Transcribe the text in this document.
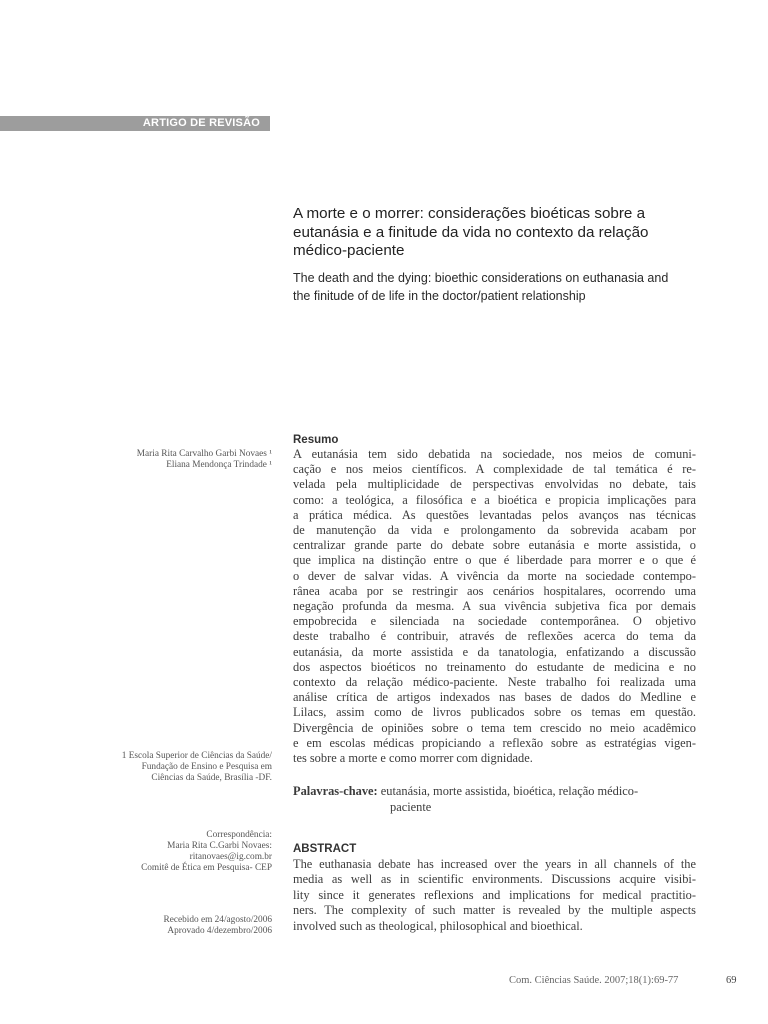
ARTIGO DE REVISÃO
A morte e o morrer: considerações bioéticas sobre a
eutanásia e a finitude da vida no contexto da relação
médico-paciente
The death and the dying: bioethic considerations on euthanasia and
the finitude of de life in the doctor/patient relationship
Maria Rita Carvalho Garbi Novaes ¹
Eliana Mendonça Trindade ¹
Resumo
A eutanásia tem sido debatida na sociedade, nos meios de comuni-
cação e nos meios científicos. A complexidade de tal temática é re-
velada pela multiplicidade de perspectivas envolvidas no debate, tais
como: a teológica, a filosófica e a bioética e propicia implicações para
a prática médica. As questões levantadas pelos avanços nas técnicas
de manutenção da vida e prolongamento da sobrevida acabam por
centralizar grande parte do debate sobre eutanásia e morte assistida, o
que implica na distinção entre o que é liberdade para morrer e o que é
o dever de salvar vidas. A vivência da morte na sociedade contempo-
rânea acaba por se restringir aos cenários hospitalares, ocorrendo uma
negação profunda da mesma. A sua vivência subjetiva fica por demais
empobrecida e silenciada na sociedade contemporânea. O objetivo
deste trabalho é contribuir, através de reflexões acerca do tema da
eutanásia, da morte assistida e da tanatologia, enfatizando a discussão
dos aspectos bioéticos no treinamento do estudante de medicina e no
contexto da relação médico-paciente. Neste trabalho foi realizada uma
análise crítica de artigos indexados nas bases de dados do Medline e
Lilacs, assim como de livros publicados sobre os temas em questão.
Divergência de opiniões sobre o tema tem crescido no meio acadêmico
e em escolas médicas propiciando a reflexão sobre as estratégias vigen-
tes sobre a morte e como morrer com dignidade.
Palavras-chave: eutanásia, morte assistida, bioética, relação médico-
paciente
1 Escola Superior de Ciências da Saúde/
Fundação de Ensino e Pesquisa em
Ciências da Saúde, Brasília -DF.
Correspondência:
Maria Rita C.Garbi Novaes:
ritanovaes@ig.com.br
Comitê de Ética em Pesquisa- CEP
ABSTRACT
The euthanasia debate has increased over the years in all channels of the
media as well as in scientific environments. Discussions acquire visibi-
lity since it generates reflexions and implications for medical practitio-
ners. The complexity of such matter is revealed by the multiple aspects
involved such as theological, philosophical and bioethical.
Recebido em 24/agosto/2006
Aprovado 4/dezembro/2006
Com. Ciências Saúde. 2007;18(1):69-77	69
